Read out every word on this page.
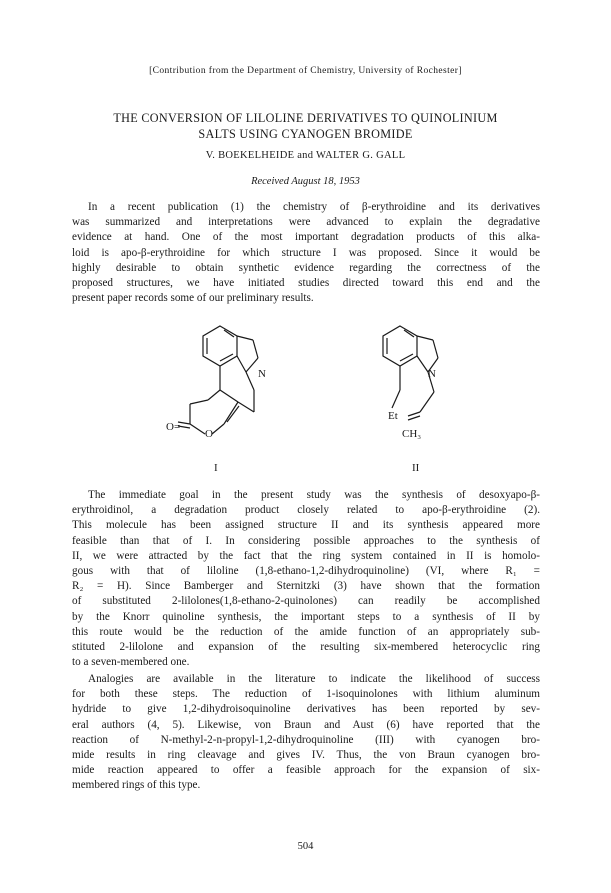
[Contribution from the Department of Chemistry, University of Rochester]
THE CONVERSION OF LILOLINE DERIVATIVES TO QUINOLINIUM
SALTS USING CYANOGEN BROMIDE
V. BOEKELHEIDE and WALTER G. GALL
Received August 18, 1953
In a recent publication (1) the chemistry of β-erythroidine and its derivatives
was summarized and interpretations were advanced to explain the degradative
evidence at hand. One of the most important degradation products of this alka-
loid is apo-β-erythroidine for which structure I was proposed. Since it would be
highly desirable to obtain synthetic evidence regarding the correctness of the
proposed structures, we have initiated studies directed toward this end and the
present paper records some of our preliminary results.
N
O=
O
I
N
Et
CH₃
II
The immediate goal in the present study was the synthesis of desoxyapo-β-
erythroidinol, a degradation product closely related to apo-β-erythroidine (2).
This molecule has been assigned structure II and its synthesis appeared more
feasible than that of I. In considering possible approaches to the synthesis of
II, we were attracted by the fact that the ring system contained in II is homolo-
gous with that of liloline (1,8-ethano-1,2-dihydroquinoline) (VI, where R₁ =
R₂ = H). Since Bamberger and Sternitzki (3) have shown that the formation
of substituted 2-lilolones(1,8-ethano-2-quinolones) can readily be accomplished
by the Knorr quinoline synthesis, the important steps to a synthesis of II by
this route would be the reduction of the amide function of an appropriately sub-
stituted 2-lilolone and expansion of the resulting six-membered heterocyclic ring
to a seven-membered one.
Analogies are available in the literature to indicate the likelihood of success
for both these steps. The reduction of 1-isoquinolones with lithium aluminum
hydride to give 1,2-dihydroisoquinoline derivatives has been reported by sev-
eral authors (4, 5). Likewise, von Braun and Aust (6) have reported that the
reaction of N-methyl-2-n-propyl-1,2-dihydroquinoline (III) with cyanogen bro-
mide results in ring cleavage and gives IV. Thus, the von Braun cyanogen bro-
mide reaction appeared to offer a feasible approach for the expansion of six-
membered rings of this type.
504
